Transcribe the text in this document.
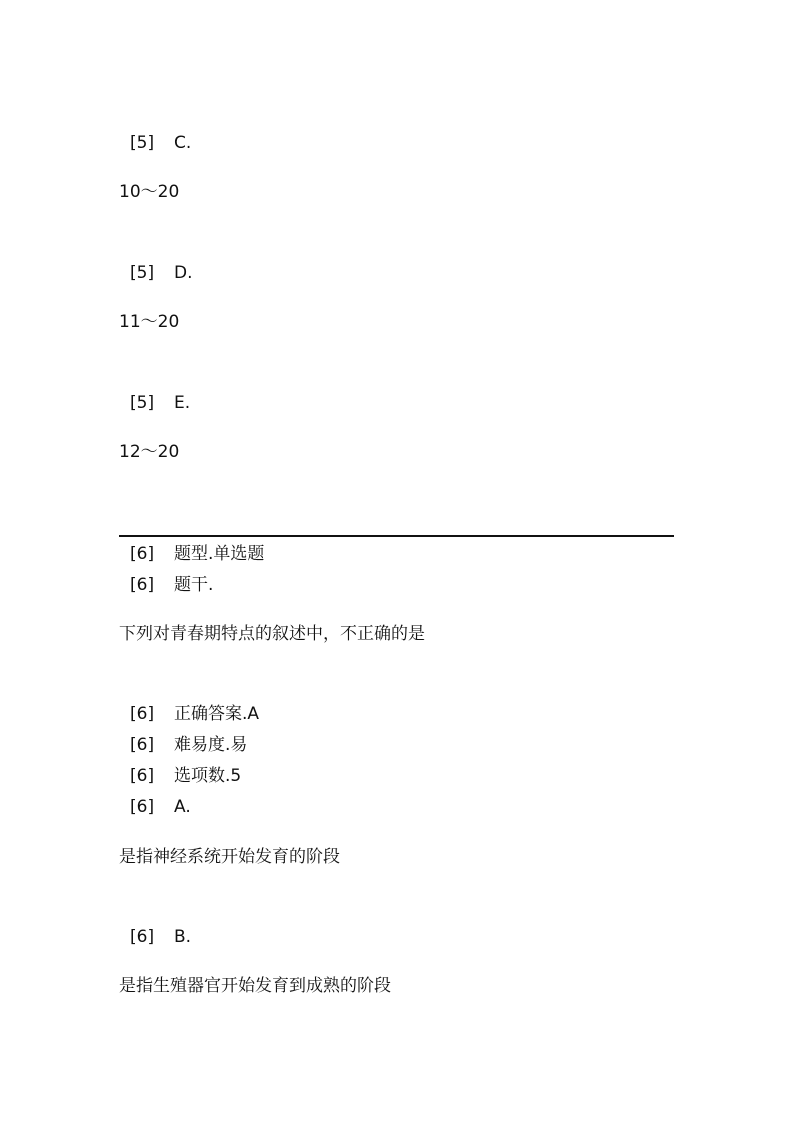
[5] C.
10～20
[5] D.
11～20
[5] E.
12～20
[6] 题型.单选题
[6] 题干.
下列对青春期特点的叙述中，不正确的是
[6] 正确答案.A
[6] 难易度.易
[6] 选项数.5
[6] A.
是指神经系统开始发育的阶段
[6] B.
是指生殖器官开始发育到成熟的阶段
